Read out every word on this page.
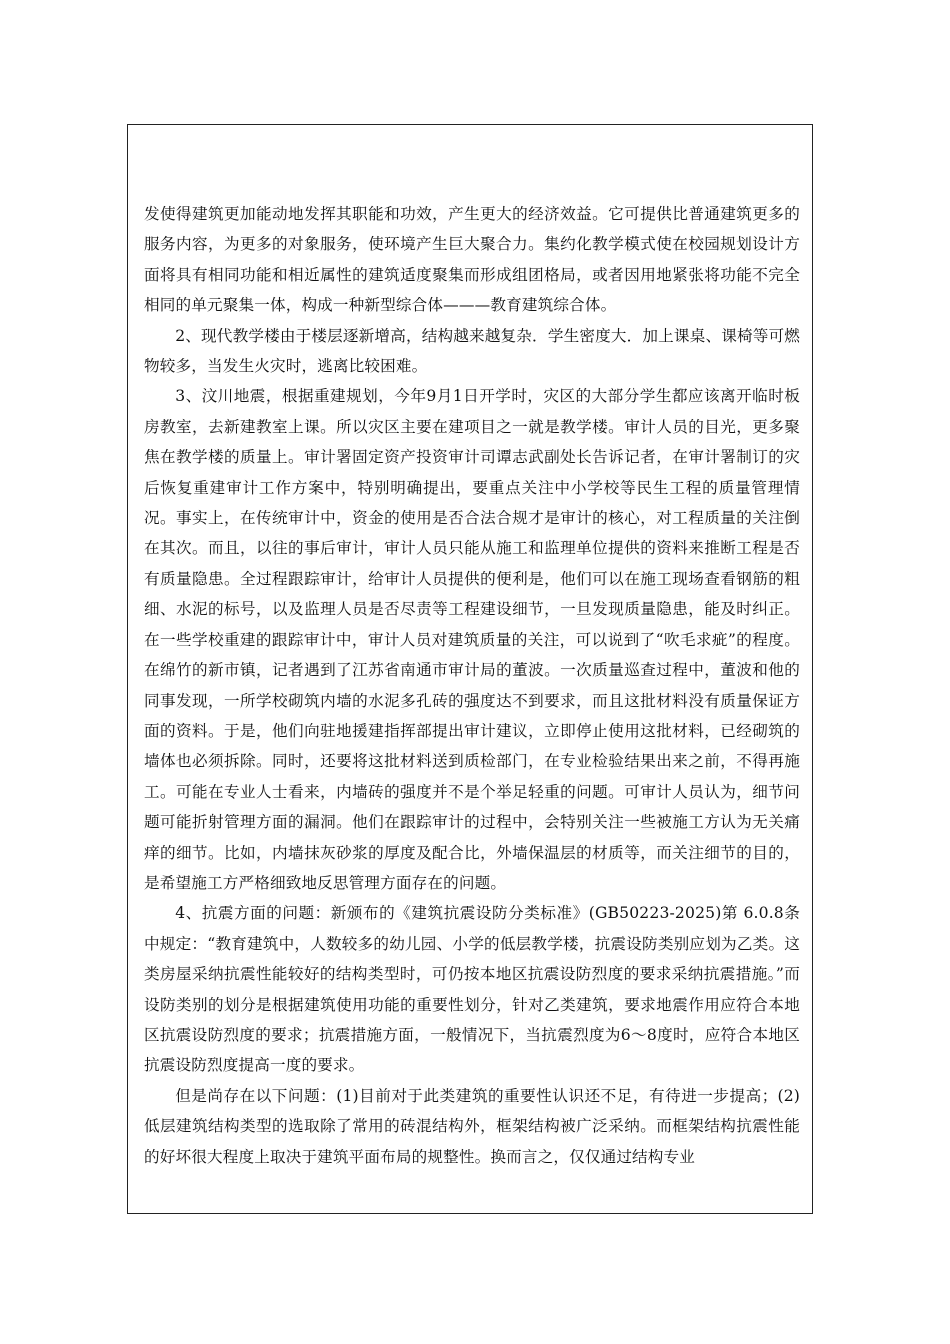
发使得建筑更加能动地发挥其职能和功效，产生更大的经济效益。它可提供比普通建筑更多的服务内容，为更多的对象服务，使环境产生巨大聚合力。集约化教学模式使在校园规划设计方面将具有相同功能和相近属性的建筑适度聚集而形成组团格局，或者因用地紧张将功能不完全相同的单元聚集一体，构成一种新型综合体———教育建筑综合体。

2、现代教学楼由于楼层逐新增高，结构越来越复杂．学生密度大．加上课桌、课椅等可燃物较多，当发生火灾时，逃离比较困难。

3、汶川地震，根据重建规划，今年9月1日开学时，灾区的大部分学生都应该离开临时板房教室，去新建教室上课。所以灾区主要在建项目之一就是教学楼。审计人员的目光，更多聚焦在教学楼的质量上。审计署固定资产投资审计司谭志武副处长告诉记者，在审计署制订的灾后恢复重建审计工作方案中，特别明确提出，要重点关注中小学校等民生工程的质量管理情况。事实上，在传统审计中，资金的使用是否合法合规才是审计的核心，对工程质量的关注倒在其次。而且，以往的事后审计，审计人员只能从施工和监理单位提供的资料来推断工程是否有质量隐患。全过程跟踪审计，给审计人员提供的便利是，他们可以在施工现场查看钢筋的粗细、水泥的标号，以及监理人员是否尽责等工程建设细节，一旦发现质量隐患，能及时纠正。在一些学校重建的跟踪审计中，审计人员对建筑质量的关注，可以说到了“吹毛求疵”的程度。在绵竹的新市镇，记者遇到了江苏省南通市审计局的董波。一次质量巡查过程中，董波和他的同事发现，一所学校砌筑内墙的水泥多孔砖的强度达不到要求，而且这批材料没有质量保证方面的资料。于是，他们向驻地援建指挥部提出审计建议，立即停止使用这批材料，已经砌筑的墙体也必须拆除。同时，还要将这批材料送到质检部门，在专业检验结果出来之前，不得再施工。可能在专业人士看来，内墙砖的强度并不是个举足轻重的问题。可审计人员认为，细节问题可能折射管理方面的漏洞。他们在跟踪审计的过程中，会特别关注一些被施工方认为无关痛痒的细节。比如，内墙抹灰砂浆的厚度及配合比，外墙保温层的材质等，而关注细节的目的，是希望施工方严格细致地反思管理方面存在的问题。

4、抗震方面的问题：新颁布的《建筑抗震设防分类标准》(GB50223-2025)第 6.0.8条中规定：“教育建筑中，人数较多的幼儿园、小学的低层教学楼，抗震设防类别应划为乙类。这类房屋采纳抗震性能较好的结构类型时，可仍按本地区抗震设防烈度的要求采纳抗震措施。”而设防类别的划分是根据建筑使用功能的重要性划分，针对乙类建筑，要求地震作用应符合本地区抗震设防烈度的要求；抗震措施方面，一般情况下，当抗震烈度为6～8度时，应符合本地区抗震设防烈度提高一度的要求。

但是尚存在以下问题：(1)目前对于此类建筑的重要性认识还不足，有待进一步提高；(2) 低层建筑结构类型的选取除了常用的砖混结构外，框架结构被广泛采纳。而框架结构抗震性能的好坏很大程度上取决于建筑平面布局的规整性。换而言之，仅仅通过结构专业
